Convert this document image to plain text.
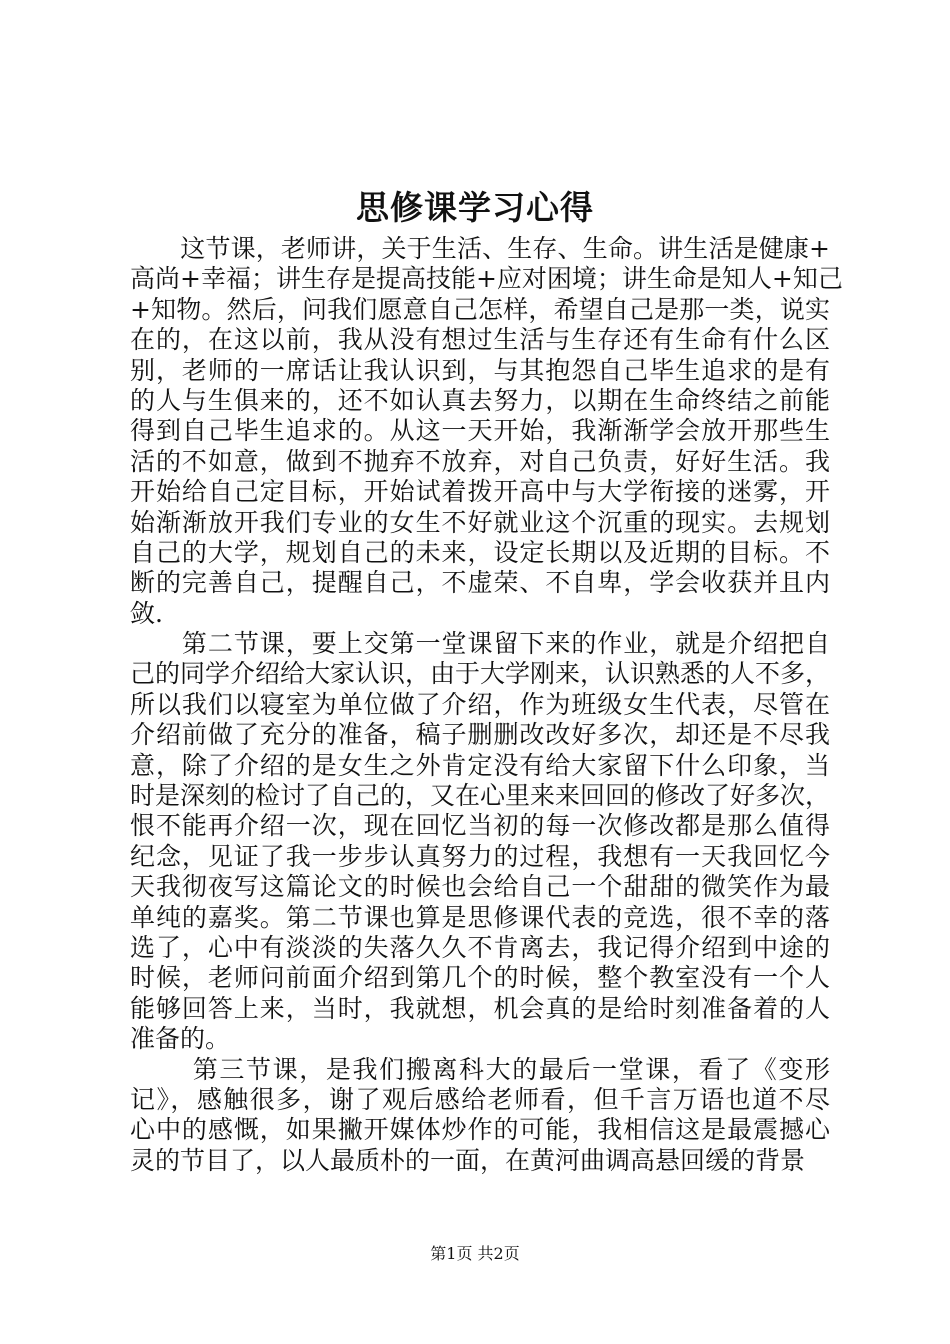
思修课学习心得
　　这节课，老师讲，关于生活、生存、生命。讲生活是健康+
高尚+幸福；讲生存是提高技能+应对困境；讲生命是知人+知己
+知物。然后，问我们愿意自己怎样，希望自己是那一类，说实
在的，在这以前，我从没有想过生活与生存还有生命有什么区
别，老师的一席话让我认识到，与其抱怨自己毕生追求的是有
的人与生俱来的，还不如认真去努力，以期在生命终结之前能
得到自己毕生追求的。从这一天开始，我渐渐学会放开那些生
活的不如意，做到不抛弃不放弃，对自己负责，好好生活。我
开始给自己定目标，开始试着拨开高中与大学衔接的迷雾，开
始渐渐放开我们专业的女生不好就业这个沉重的现实。去规划
自己的大学，规划自己的未来，设定长期以及近期的目标。不
断的完善自己，提醒自己，不虚荣、不自卑，学会收获并且内
敛.
　　第二节课，要上交第一堂课留下来的作业，就是介绍把自
己的同学介绍给大家认识，由于大学刚来，认识熟悉的人不多，
所以我们以寝室为单位做了介绍，作为班级女生代表，尽管在
介绍前做了充分的准备，稿子删删改改好多次，却还是不尽我
意，除了介绍的是女生之外肯定没有给大家留下什么印象，当
时是深刻的检讨了自己的，又在心里来来回回的修改了好多次，
恨不能再介绍一次，现在回忆当初的每一次修改都是那么值得
纪念，见证了我一步步认真努力的过程，我想有一天我回忆今
天我彻夜写这篇论文的时候也会给自己一个甜甜的微笑作为最
单纯的嘉奖。第二节课也算是思修课代表的竞选，很不幸的落
选了，心中有淡淡的失落久久不肯离去，我记得介绍到中途的
时候，老师问前面介绍到第几个的时候，整个教室没有一个人
能够回答上来，当时，我就想，机会真的是给时刻准备着的人
准备的。
　　 第三节课，是我们搬离科大的最后一堂课，看了《变形
记》，感触很多，谢了观后感给老师看，但千言万语也道不尽
心中的感慨，如果撇开媒体炒作的可能，我相信这是最震撼心
灵的节目了，以人最质朴的一面，在黄河曲调高悬回缓的背景
第1页 共2页
